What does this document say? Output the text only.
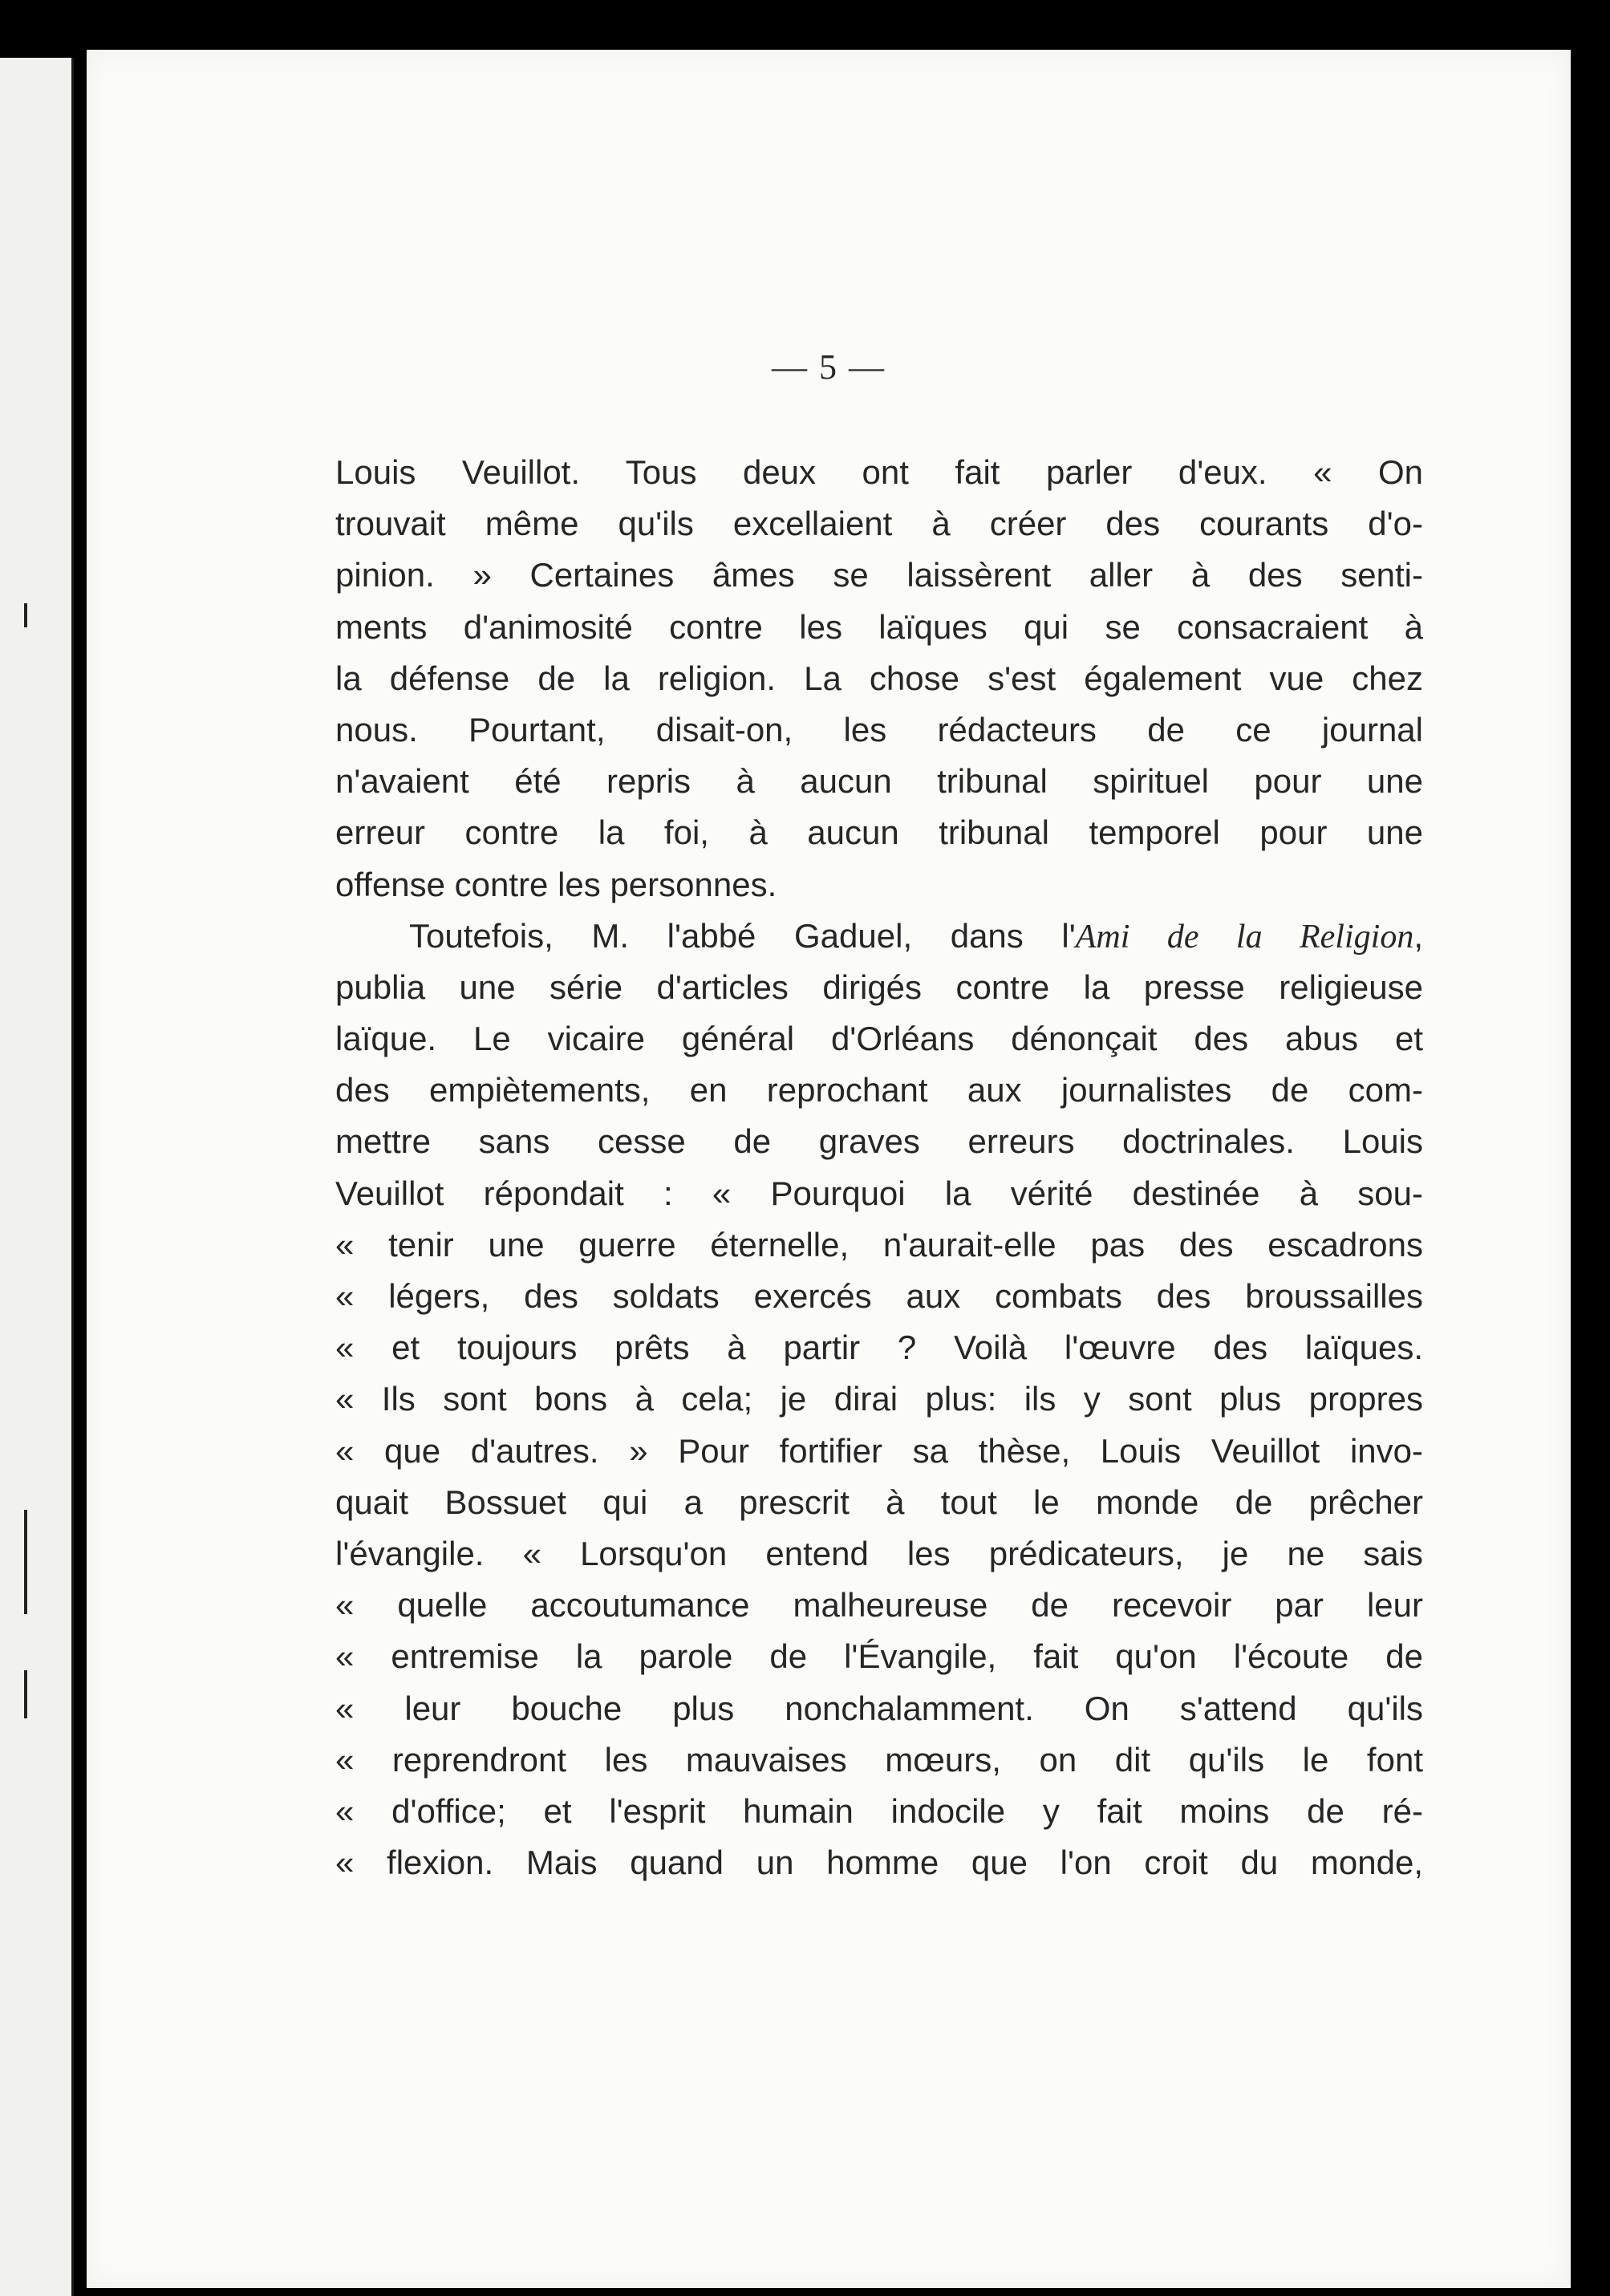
— 5 —
Louis Veuillot. Tous deux ont fait parler d'eux. « On
trouvait même qu'ils excellaient à créer des courants d'o-
pinion. » Certaines âmes se laissèrent aller à des senti-
ments d'animosité contre les laïques qui se consacraient à
la défense de la religion. La chose s'est également vue chez
nous. Pourtant, disait-on, les rédacteurs de ce journal
n'avaient été repris à aucun tribunal spirituel pour une
erreur contre la foi, à aucun tribunal temporel pour une
offense contre les personnes.
Toutefois, M. l'abbé Gaduel, dans l'Ami de la Religion,
publia une série d'articles dirigés contre la presse religieuse
laïque. Le vicaire général d'Orléans dénonçait des abus et
des empiètements, en reprochant aux journalistes de com-
mettre sans cesse de graves erreurs doctrinales. Louis
Veuillot répondait : « Pourquoi la vérité destinée à sou-
« tenir une guerre éternelle, n'aurait-elle pas des escadrons
« légers, des soldats exercés aux combats des broussailles
« et toujours prêts à partir ? Voilà l'œuvre des laïques.
« Ils sont bons à cela; je dirai plus: ils y sont plus propres
« que d'autres. » Pour fortifier sa thèse, Louis Veuillot invo-
quait Bossuet qui a prescrit à tout le monde de prêcher
l'évangile. « Lorsqu'on entend les prédicateurs, je ne sais
« quelle accoutumance malheureuse de recevoir par leur
« entremise la parole de l'Évangile, fait qu'on l'écoute de
« leur bouche plus nonchalamment. On s'attend qu'ils
« reprendront les mauvaises mœurs, on dit qu'ils le font
« d'office; et l'esprit humain indocile y fait moins de ré-
« flexion. Mais quand un homme que l'on croit du monde,
